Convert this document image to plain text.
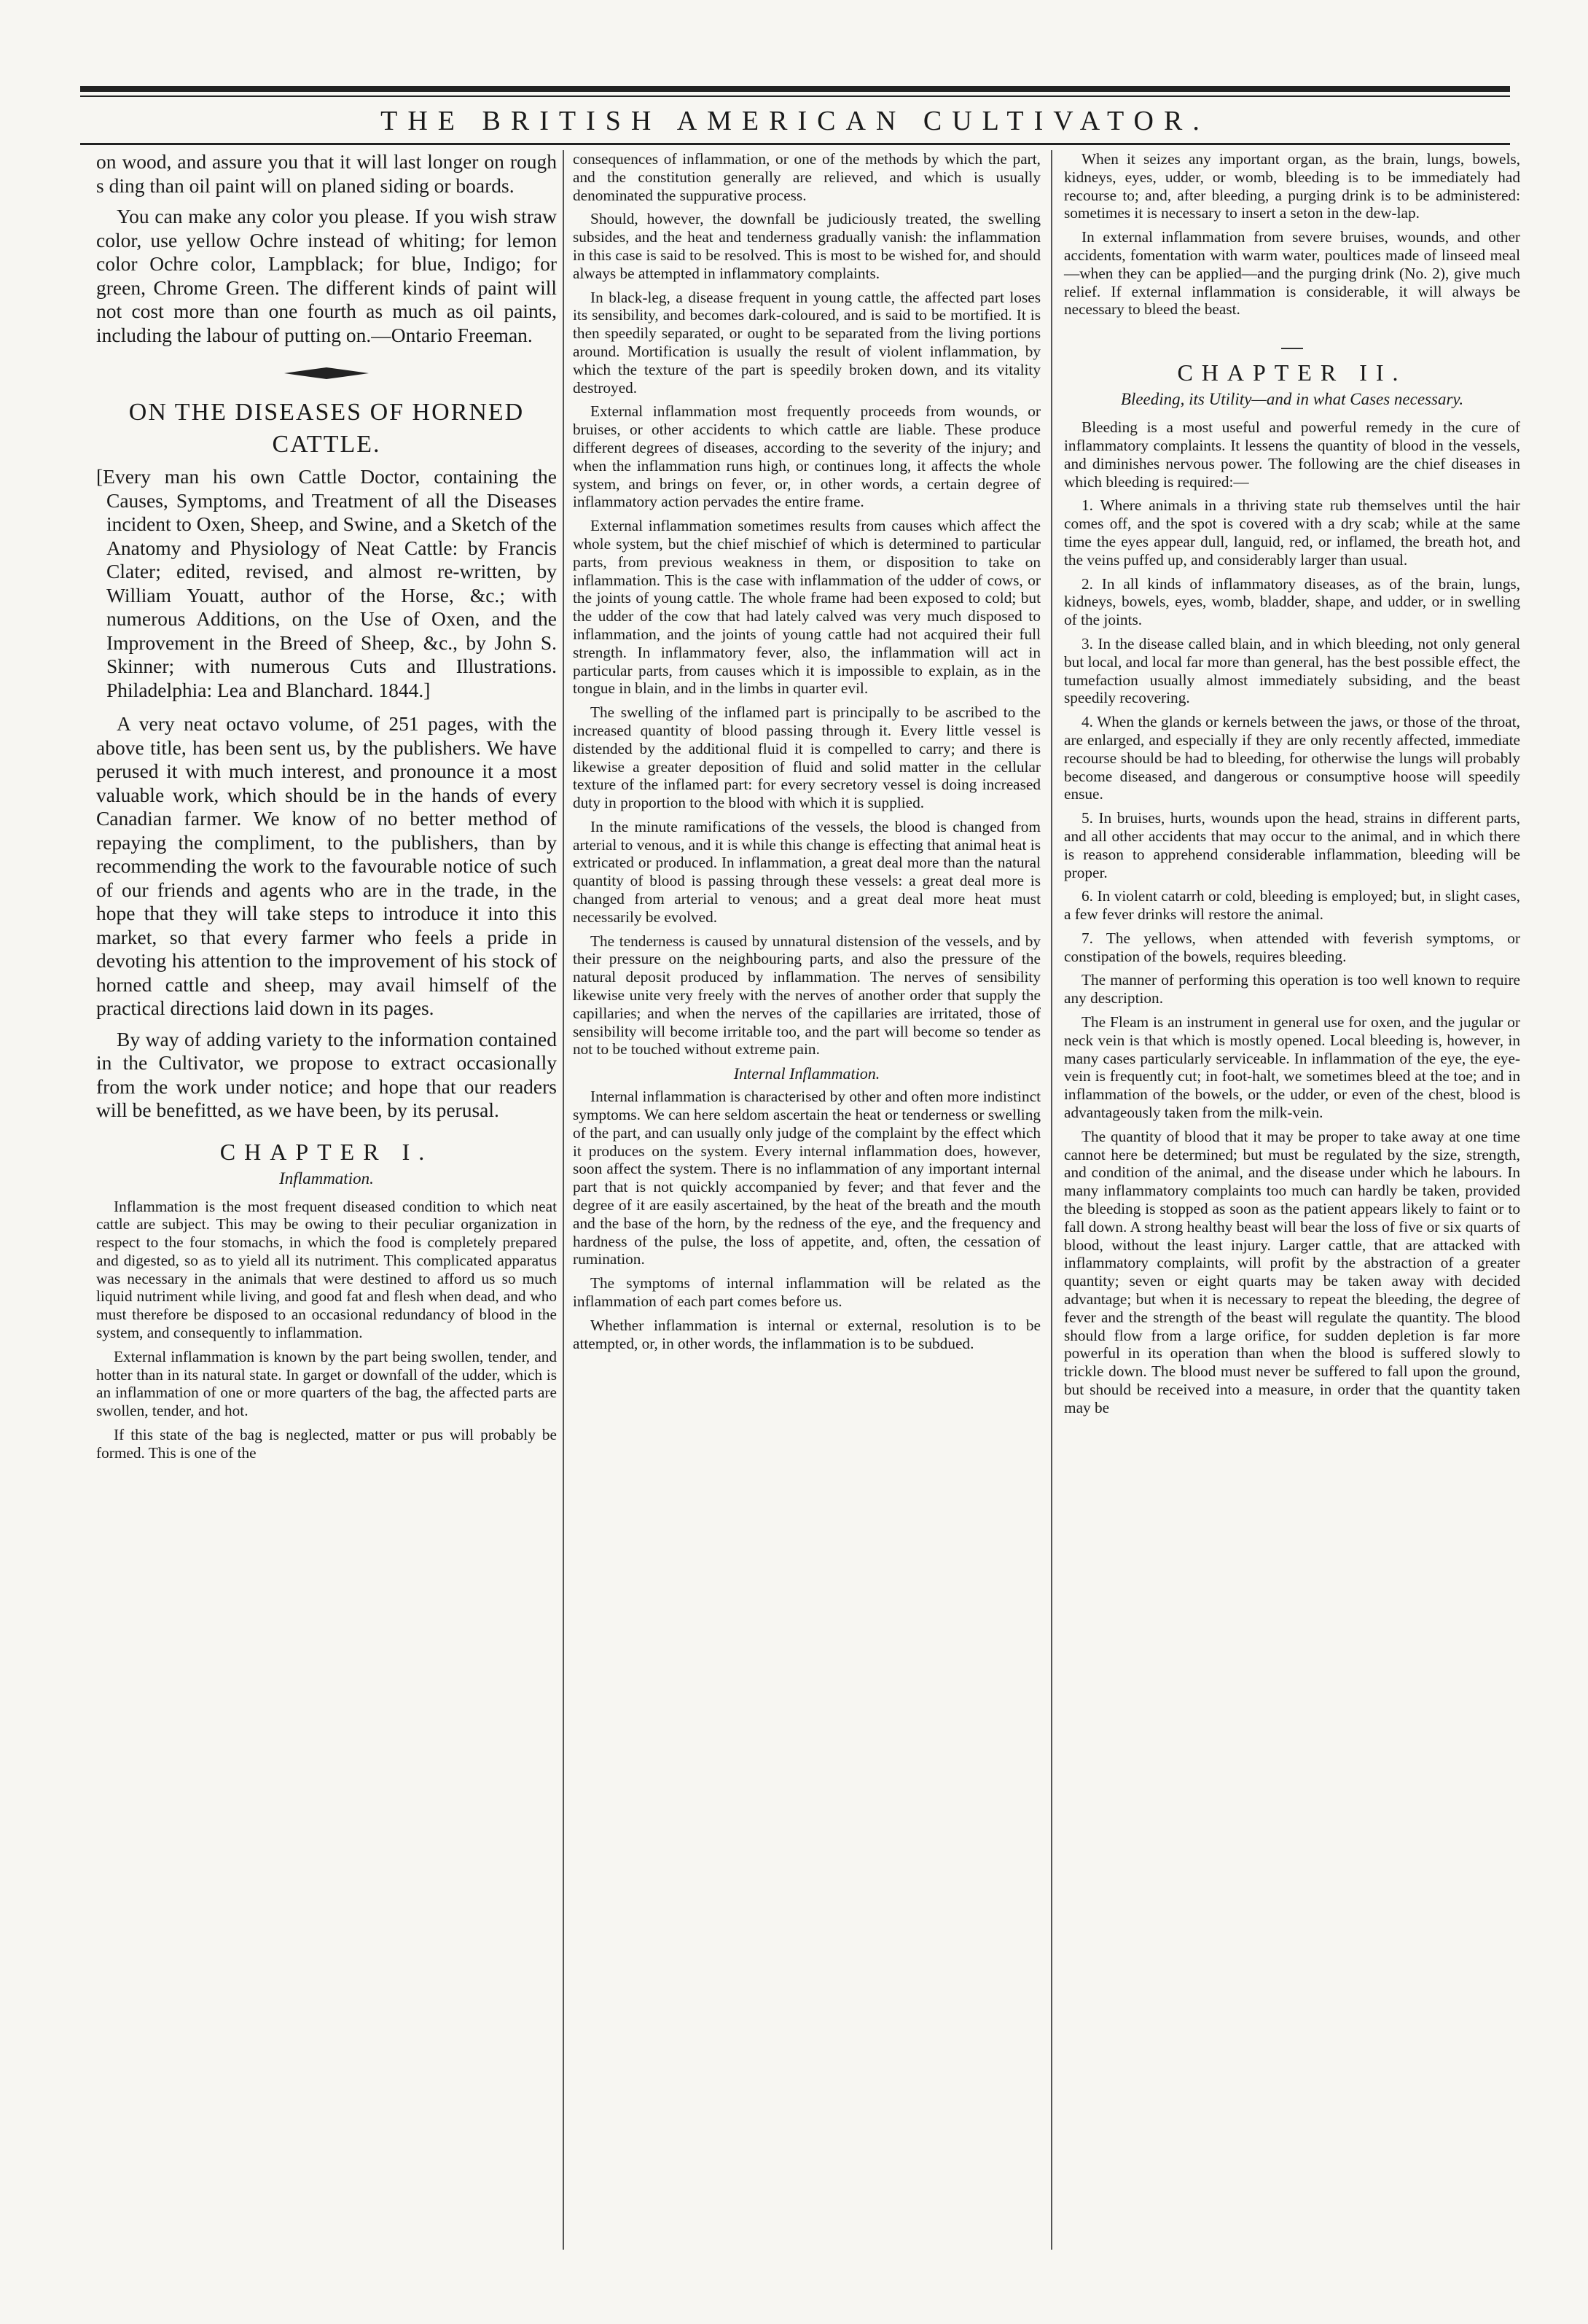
THE BRITISH AMERICAN CULTIVATOR.

on wood, and assure you that it will last longer on rough s ding than oil paint will on planed siding or boards.

You can make any color you please. If you wish straw color, use yellow Ochre instead of whiting; for lemon color Ochre color, Lampblack; for blue, Indigo; for green, Chrome Green. The different kinds of paint will not cost more than one fourth as much as oil paints, including the labour of putting on.—Ontario Freeman.

ON THE DISEASES OF HORNED CATTLE.

[Every man his own Cattle Doctor, containing the Causes, Symptoms, and Treatment of all the Diseases incident to Oxen, Sheep, and Swine, and a Sketch of the Anatomy and Physiology of Neat Cattle: by Francis Clater; edited, revised, and almost re-written, by William Youatt, author of the Horse, &c.; with numerous Additions, on the Use of Oxen, and the Improvement in the Breed of Sheep, &c., by John S. Skinner; with numerous Cuts and Illustrations. Philadelphia: Lea and Blanchard. 1844.]

A very neat octavo volume, of 251 pages, with the above title, has been sent us, by the publishers. We have perused it with much interest, and pronounce it a most valuable work, which should be in the hands of every Canadian farmer. We know of no better method of repaying the compliment, to the publishers, than by recommending the work to the favourable notice of such of our friends and agents who are in the trade, in the hope that they will take steps to introduce it into this market, so that every farmer who feels a pride in devoting his attention to the improvement of his stock of horned cattle and sheep, may avail himself of the practical directions laid down in its pages.

By way of adding variety to the information contained in the Cultivator, we propose to extract occasionally from the work under notice; and hope that our readers will be benefitted, as we have been, by its perusal.

CHAPTER I.
Inflammation.

Inflammation is the most frequent diseased condition to which neat cattle are subject. This may be owing to their peculiar organization in respect to the four stomachs, in which the food is completely prepared and digested, so as to yield all its nutriment. This complicated apparatus was necessary in the animals that were destined to afford us so much liquid nutriment while living, and good fat and flesh when dead, and who must therefore be disposed to an occasional redundancy of blood in the system, and consequently to inflammation.

External inflammation is known by the part being swollen, tender, and hotter than in its natural state. In garget or downfall of the udder, which is an inflammation of one or more quarters of the bag, the affected parts are swollen, tender, and hot.

If this state of the bag is neglected, matter or pus will probably be formed. This is one of the

consequences of inflammation, or one of the methods by which the part, and the constitution generally are relieved, and which is usually denominated the suppurative process.

Should, however, the downfall be judiciously treated, the swelling subsides, and the heat and tenderness gradually vanish: the inflammation in this case is said to be resolved. This is most to be wished for, and should always be attempted in inflammatory complaints.

In black-leg, a disease frequent in young cattle, the affected part loses its sensibility, and becomes dark-coloured, and is said to be mortified. It is then speedily separated, or ought to be separated from the living portions around. Mortification is usually the result of violent inflammation, by which the texture of the part is speedily broken down, and its vitality destroyed.

External inflammation most frequently proceeds from wounds, or bruises, or other accidents to which cattle are liable. These produce different degrees of diseases, according to the severity of the injury; and when the inflammation runs high, or continues long, it affects the whole system, and brings on fever, or, in other words, a certain degree of inflammatory action pervades the entire frame.

External inflammation sometimes results from causes which affect the whole system, but the chief mischief of which is determined to particular parts, from previous weakness in them, or disposition to take on inflammation. This is the case with inflammation of the udder of cows, or the joints of young cattle. The whole frame had been exposed to cold; but the udder of the cow that had lately calved was very much disposed to inflammation, and the joints of young cattle had not acquired their full strength. In inflammatory fever, also, the inflammation will act in particular parts, from causes which it is impossible to explain, as in the tongue in blain, and in the limbs in quarter evil.

The swelling of the inflamed part is principally to be ascribed to the increased quantity of blood passing through it. Every little vessel is distended by the additional fluid it is compelled to carry; and there is likewise a greater deposition of fluid and solid matter in the cellular texture of the inflamed part: for every secretory vessel is doing increased duty in proportion to the blood with which it is supplied.

In the minute ramifications of the vessels, the blood is changed from arterial to venous, and it is while this change is effecting that animal heat is extricated or produced. In inflammation, a great deal more than the natural quantity of blood is passing through these vessels: a great deal more is changed from arterial to venous; and a great deal more heat must necessarily be evolved.

The tenderness is caused by unnatural distension of the vessels, and by their pressure on the neighbouring parts, and also the pressure of the natural deposit produced by inflammation. The nerves of sensibility likewise unite very freely with the nerves of another order that supply the capillaries; and when the nerves of the capillaries are irritated, those of sensibility will become irritable too, and the part will become so tender as not to be touched without extreme pain.

Internal Inflammation.

Internal inflammation is characterised by other and often more indistinct symptoms. We can here seldom ascertain the heat or tenderness or swelling of the part, and can usually only judge of the complaint by the effect which it produces on the system. Every internal inflammation does, however, soon affect the system. There is no inflammation of any important internal part that is not quickly accompanied by fever; and that fever and the degree of it are easily ascertained, by the heat of the breath and the mouth and the base of the horn, by the redness of the eye, and the frequency and hardness of the pulse, the loss of appetite, and, often, the cessation of rumination.

The symptoms of internal inflammation will be related as the inflammation of each part comes before us.

Whether inflammation is internal or external, resolution is to be attempted, or, in other words, the inflammation is to be subdued.

When it seizes any important organ, as the brain, lungs, bowels, kidneys, eyes, udder, or womb, bleeding is to be immediately had recourse to; and, after bleeding, a purging drink is to be administered: sometimes it is necessary to insert a seton in the dew-lap.

In external inflammation from severe bruises, wounds, and other accidents, fomentation with warm water, poultices made of linseed meal—when they can be applied—and the purging drink (No. 2), give much relief. If external inflammation is considerable, it will always be necessary to bleed the beast.

CHAPTER II.
Bleeding, its Utility—and in what Cases necessary.

Bleeding is a most useful and powerful remedy in the cure of inflammatory complaints. It lessens the quantity of blood in the vessels, and diminishes nervous power. The following are the chief diseases in which bleeding is required:—

1. Where animals in a thriving state rub themselves until the hair comes off, and the spot is covered with a dry scab; while at the same time the eyes appear dull, languid, red, or inflamed, the breath hot, and the veins puffed up, and considerably larger than usual.

2. In all kinds of inflammatory diseases, as of the brain, lungs, kidneys, bowels, eyes, womb, bladder, shape, and udder, or in swelling of the joints.

3. In the disease called blain, and in which bleeding, not only general but local, and local far more than general, has the best possible effect, the tumefaction usually almost immediately subsiding, and the beast speedily recovering.

4. When the glands or kernels between the jaws, or those of the throat, are enlarged, and especially if they are only recently affected, immediate recourse should be had to bleeding, for otherwise the lungs will probably become diseased, and dangerous or consumptive hoose will speedily ensue.

5. In bruises, hurts, wounds upon the head, strains in different parts, and all other accidents that may occur to the animal, and in which there is reason to apprehend considerable inflammation, bleeding will be proper.

6. In violent catarrh or cold, bleeding is employed; but, in slight cases, a few fever drinks will restore the animal.

7. The yellows, when attended with feverish symptoms, or constipation of the bowels, requires bleeding.

The manner of performing this operation is too well known to require any description.

The Fleam is an instrument in general use for oxen, and the jugular or neck vein is that which is mostly opened. Local bleeding is, however, in many cases particularly serviceable. In inflammation of the eye, the eye-vein is frequently cut; in foot-halt, we sometimes bleed at the toe; and in inflammation of the bowels, or the udder, or even of the chest, blood is advantageously taken from the milk-vein.

The quantity of blood that it may be proper to take away at one time cannot here be determined; but must be regulated by the size, strength, and condition of the animal, and the disease under which he labours. In many inflammatory complaints too much can hardly be taken, provided the bleeding is stopped as soon as the patient appears likely to faint or to fall down. A strong healthy beast will bear the loss of five or six quarts of blood, without the least injury. Larger cattle, that are attacked with inflammatory complaints, will profit by the abstraction of a greater quantity; seven or eight quarts may be taken away with decided advantage; but when it is necessary to repeat the bleeding, the degree of fever and the strength of the beast will regulate the quantity. The blood should flow from a large orifice, for sudden depletion is far more powerful in its operation than when the blood is suffered slowly to trickle down. The blood must never be suffered to fall upon the ground, but should be received into a measure, in order that the quantity taken may be
